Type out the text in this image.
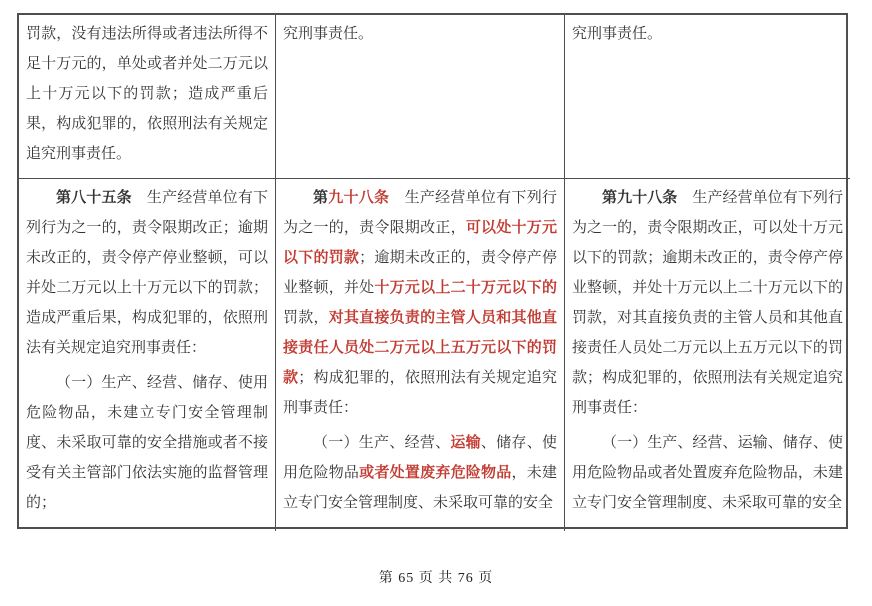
罚款，没有违法所得或者违法所得不足十万元的，单处或者并处二万元以上十万元以下的罚款；造成严重后果，构成犯罪的，依照刑法有关规定追究刑事责任。

究刑事责任。	究刑事责任。

第八十五条　生产经营单位有下列行为之一的，责令限期改正；逾期未改正的，责令停产停业整顿，可以并处二万元以上十万元以下的罚款；造成严重后果，构成犯罪的，依照刑法有关规定追究刑事责任：

（一）生产、经营、储存、使用危险物品，未建立专门安全管理制度、未采取可靠的安全措施或者不接受有关主管部门依法实施的监督管理的；

第九十八条　生产经营单位有下列行为之一的，责令限期改正，可以处十万元以下的罚款；逾期未改正的，责令停产停业整顿，并处十万元以上二十万元以下的罚款，对其直接负责的主管人员和其他直接责任人员处二万元以上五万元以下的罚款；构成犯罪的，依照刑法有关规定追究刑事责任：

（一）生产、经营、运输、储存、使用危险物品或者处置废弃危险物品，未建立专门安全管理制度、未采取可靠的安全

第九十八条　生产经营单位有下列行为之一的，责令限期改正，可以处十万元以下的罚款；逾期未改正的，责令停产停业整顿，并处十万元以上二十万元以下的罚款，对其直接负责的主管人员和其他直接责任人员处二万元以上五万元以下的罚款；构成犯罪的，依照刑法有关规定追究刑事责任：

（一）生产、经营、运输、储存、使用危险物品或者处置废弃危险物品，未建立专门安全管理制度、未采取可靠的安全

第 65 页 共 76 页
